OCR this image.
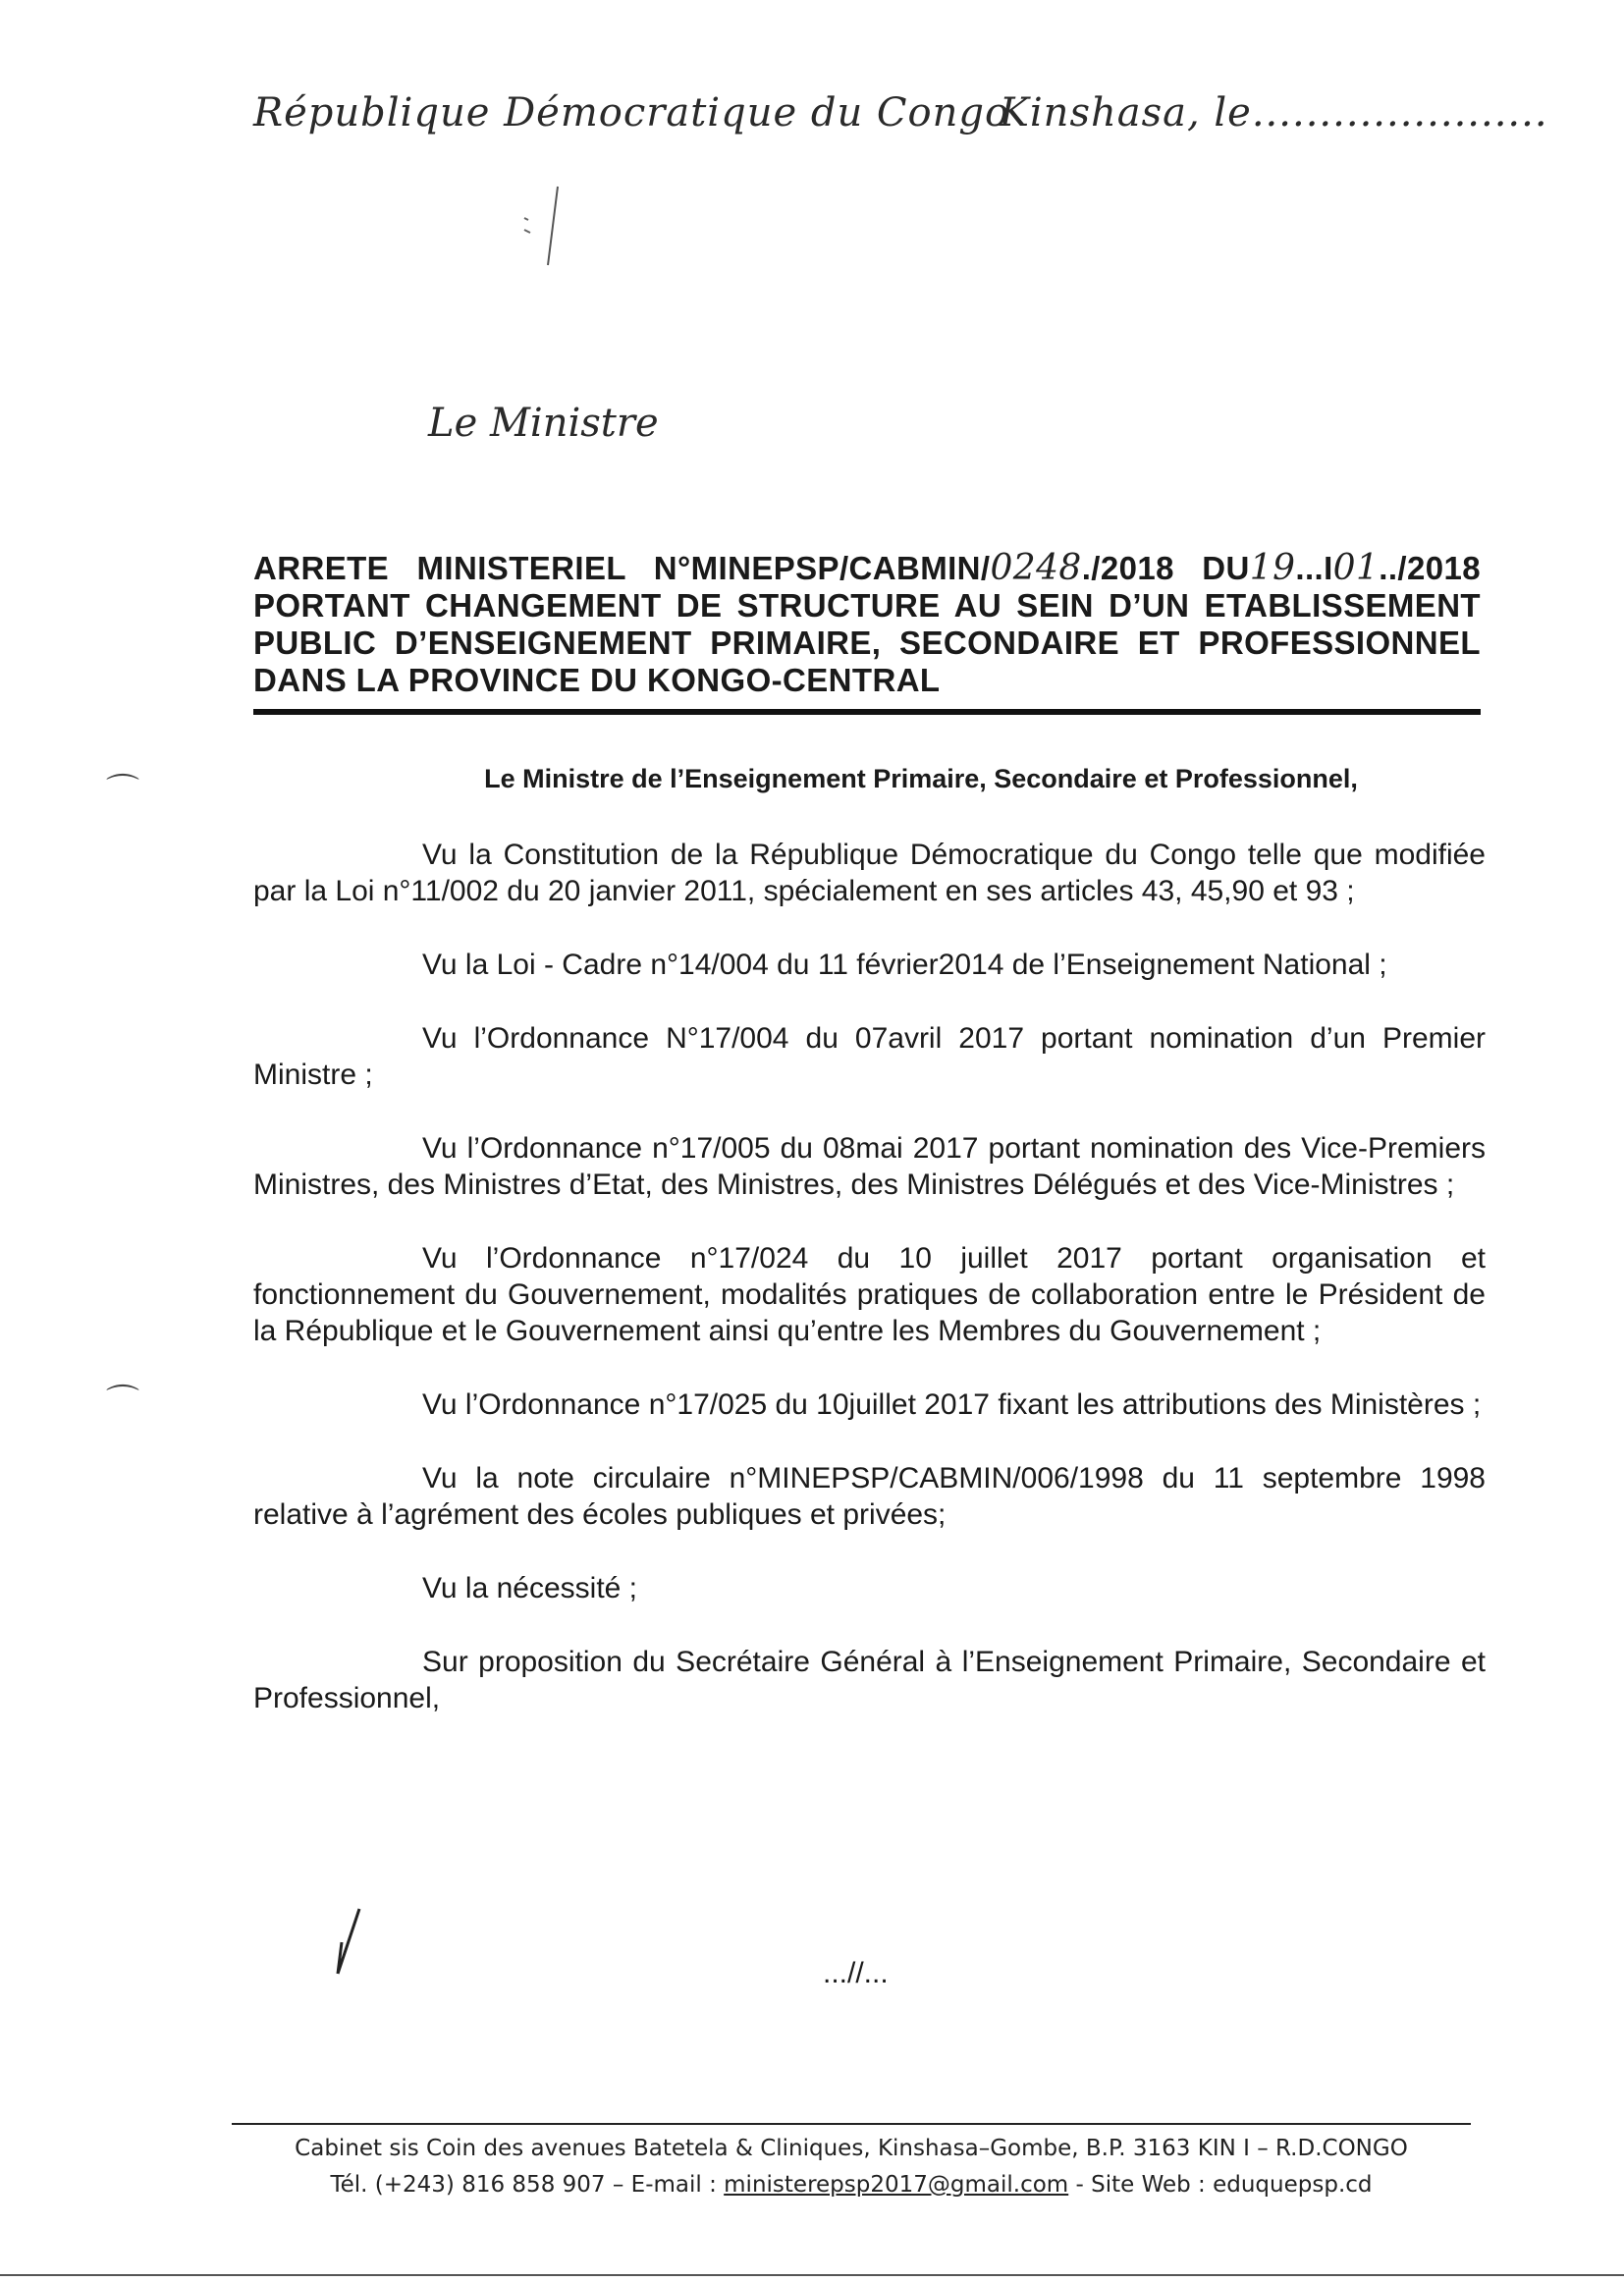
République Démocratique du Congo
Kinshasa, le......................
Le Ministre
ARRETE MINISTERIEL N°MINEPSP/CABMIN/0248./2018 DU19...I01../2018
PORTANT CHANGEMENT DE STRUCTURE AU SEIN D’UN ETABLISSEMENT
PUBLIC D’ENSEIGNEMENT PRIMAIRE, SECONDAIRE ET PROFESSIONNEL
DANS LA PROVINCE DU KONGO-CENTRAL
Le Ministre de l’Enseignement Primaire, Secondaire et Professionnel,
⌒
⌒

Vu la Constitution de la République Démocratique du Congo telle que modifiée par la Loi n°11/002 du 20 janvier 2011, spécialement en ses articles 43, 45,90 et 93 ;

Vu la Loi - Cadre n°14/004 du 11 février2014 de l’Enseignement National ;

Vu l’Ordonnance N°17/004 du 07avril 2017 portant nomination d’un Premier Ministre ;

Vu l’Ordonnance n°17/005 du 08mai 2017 portant nomination des Vice-Premiers Ministres, des Ministres d’Etat, des Ministres, des Ministres Délégués et des Vice-Ministres ;

Vu l’Ordonnance n°17/024 du 10 juillet 2017 portant organisation et fonctionnement du Gouvernement, modalités pratiques de collaboration entre le Président de la République et le Gouvernement ainsi qu’entre les Membres du Gouvernement ;

Vu l’Ordonnance n°17/025 du 10juillet 2017 fixant les attributions des Ministères ;

Vu la note circulaire n°MINEPSP/CABMIN/006/1998 du 11 septembre 1998 relative à l’agrément des écoles publiques et privées;

Vu la nécessité ;

Sur proposition du Secrétaire Général à l’Enseignement Primaire, Secondaire et Professionnel,

...//...
Cabinet sis Coin des avenues Batetela & Cliniques, Kinshasa–Gombe, B.P. 3163 KIN I – R.D.CONGO
Tél. (+243) 816 858 907 – E-mail : ministerepsp2017@gmail.com - Site Web : eduquepsp.cd
